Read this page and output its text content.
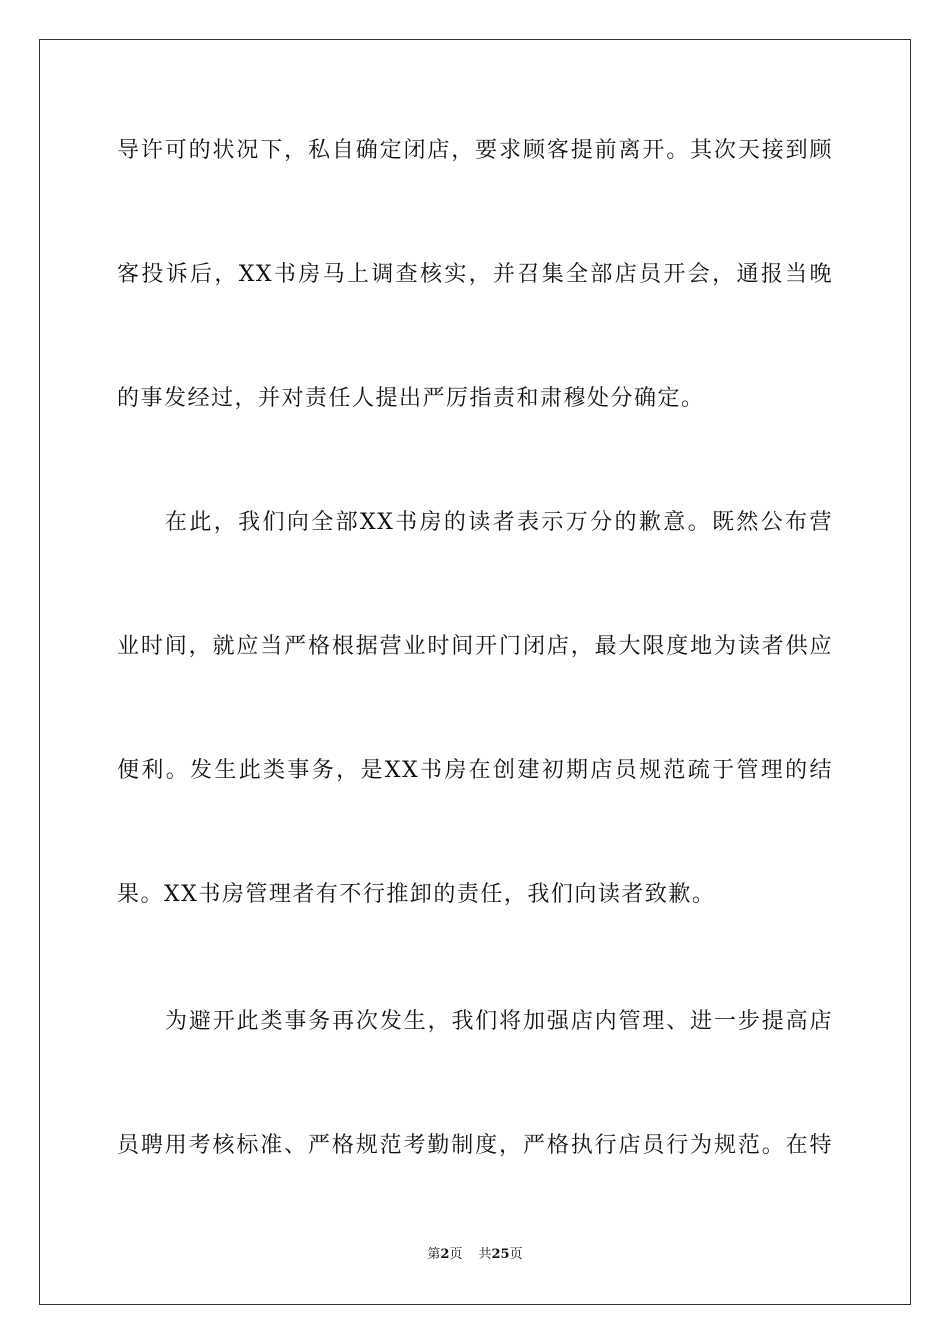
导许可的状况下，私自确定闭店，要求顾客提前离开。其次天接到顾
客投诉后，XX书房马上调查核实，并召集全部店员开会，通报当晚
的事发经过，并对责任人提出严厉指责和肃穆处分确定。
在此，我们向全部XX书房的读者表示万分的歉意。既然公布营
业时间，就应当严格根据营业时间开门闭店，最大限度地为读者供应
便利。发生此类事务，是XX书房在创建初期店员规范疏于管理的结
果。XX书房管理者有不行推卸的责任，我们向读者致歉。
为避开此类事务再次发生，我们将加强店内管理、进一步提高店
员聘用考核标准、严格规范考勤制度，严格执行店员行为规范。在特
第2页 共25页
